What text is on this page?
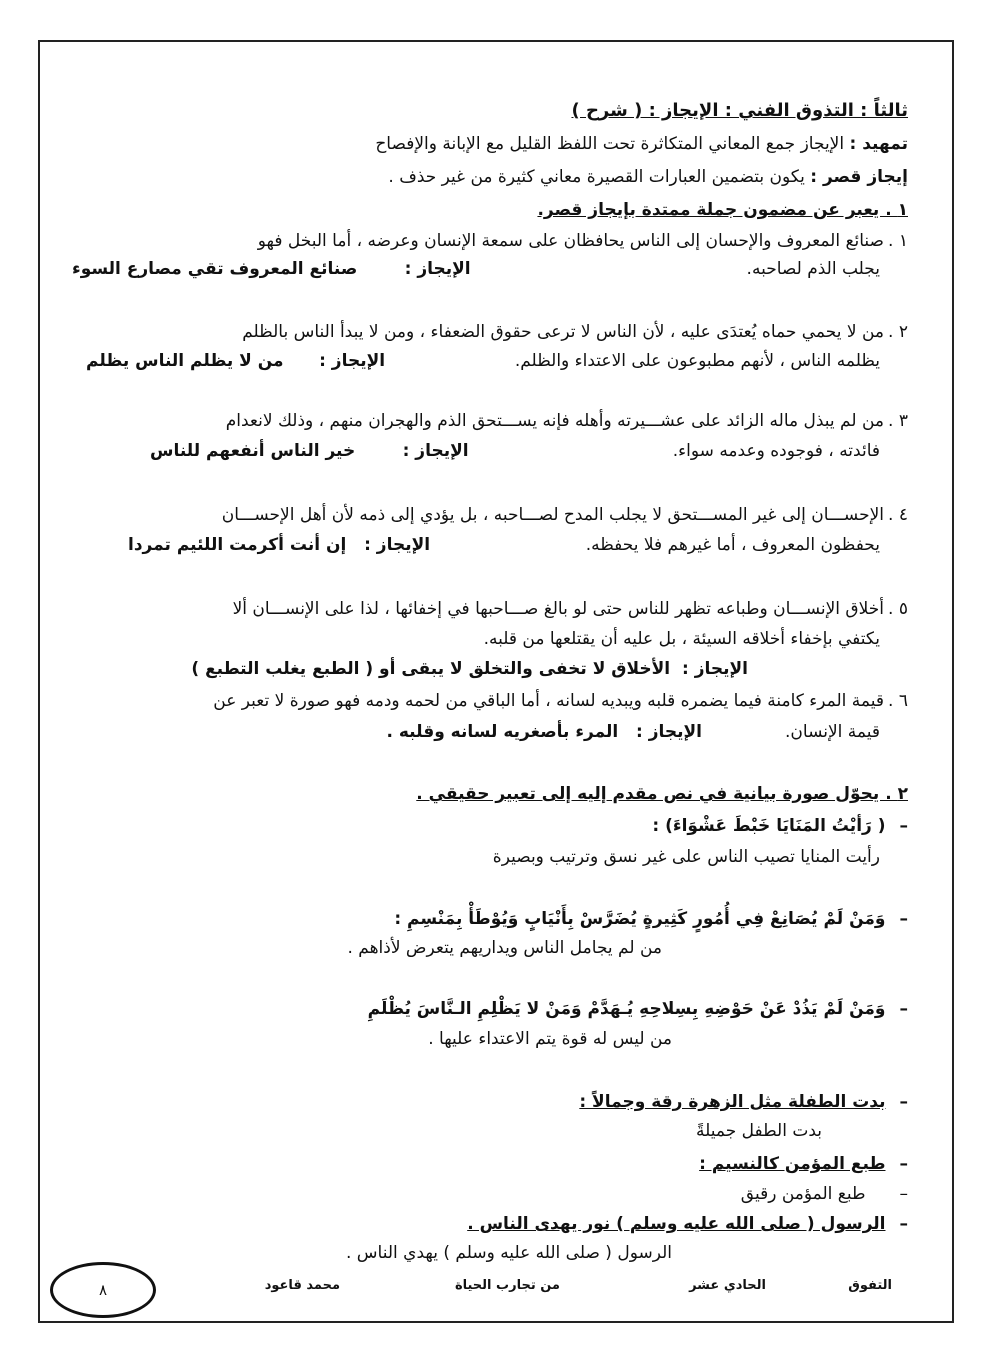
ثالثاً : التذوق الفني : الإيجاز : ( شرح )
تمهيد : الإيجاز جمع المعاني المتكاثرة تحت اللفظ القليل مع الإبانة والإفصاح
إيجاز قصر : يكون بتضمين العبارات القصيرة معاني كثيرة من غير حذف .
١ . يعبر عن مضمون جملة ممتدة بإيجاز قصر.
١ .صنائع المعروف والإحسان إلى الناس يحافظان على سمعة الإنسان وعرضه ، أما البخل فهو
يجلب الذم لصاحبه.
الإيجاز :        صنائع المعروف تقي مصارع السوء
٢ .من لا يحمي حماه يُعتدَى عليه ، لأن الناس لا ترعى حقوق الضعفاء ، ومن لا يبدأ الناس بالظلم
يظلمه الناس ، لأنهم مطبوعون على الاعتداء والظلم.
الإيجاز :      من لا يظلم الناس يظلم
٣ .من لم يبذل ماله الزائد على عشـــيرته وأهله فإنه يســـتحق الذم والهجران منهم ، وذلك لانعدام
فائدته ، فوجوده وعدمه سواء.
الإيجاز :        خير الناس أنفعهم للناس
٤ .الإحســـان إلى غير المســـتحق لا يجلب المدح لصـــاحبه ، بل يؤدي إلى ذمه لأن أهل الإحســـان
يحفظون المعروف ، أما غيرهم فلا يحفظه.
الإيجاز :   إن أنت أكرمت اللئيم تمردا
٥ .أخلاق الإنســـان وطباعه تظهر للناس حتى لو بالغ صـــاحبها في إخفائها ، لذا على الإنســـان ألا
يكتفي بإخفاء أخلاقه السيئة ، بل عليه أن يقتلعها من قلبه.
الإيجاز :  الأخلاق لا تخفى والتخلق لا يبقى أو ( الطبع يغلب التطبع )
٦ .قيمة المرء كامنة فيما يضمره قلبه ويبديه لسانه ، أما الباقي من لحمه ودمه فهو صورة لا تعبر عن
قيمة الإنسان.
الإيجاز :   المرء بأصغريه لسانه وقلبه .
٢ . يحوّل صورة بيانية في نص مقدم إليه إلى تعبير حقيقي .
–( رَأيْتُ المَنَايَا خَبْطَ عَشْوَاءَ) :
رأيت المنايا تصيب الناس على غير نسق وترتيب وبصيرة
–وَمَنْ لَمْ يُصَانِعْ فِي أُمُورٍ كَثِيرةٍ يُضَرَّسْ بِأَنْيَابٍ وَيُوْطَأْ بِمَنْسِمِ :
من لم يجامل الناس ويداريهم يتعرض لأذاهم .
–وَمَنْ لَمْ يَذُدْ عَنْ حَوْضِهِ بِسِلاحِهِ يُـهَدَّمْ وَمَنْ لا يَظْلِمِ الـنَّاسَ يُظْلَمِ
من ليس له قوة يتم الاعتداء عليها .
–بدت الطفلة مثل الزهرة رقة وجمالاً :
بدت الطفل جميلةً
–طبع المؤمن كالنسيم :
–طبع المؤمن رقيق
–الرسول ( صلى الله عليه وسلم ) نور يهدى الناس .
الرسول ( صلى الله عليه وسلم ) يهدي الناس .
التفوق
الحادي عشر
من تجارب الحياة
محمد قاعود
٨
